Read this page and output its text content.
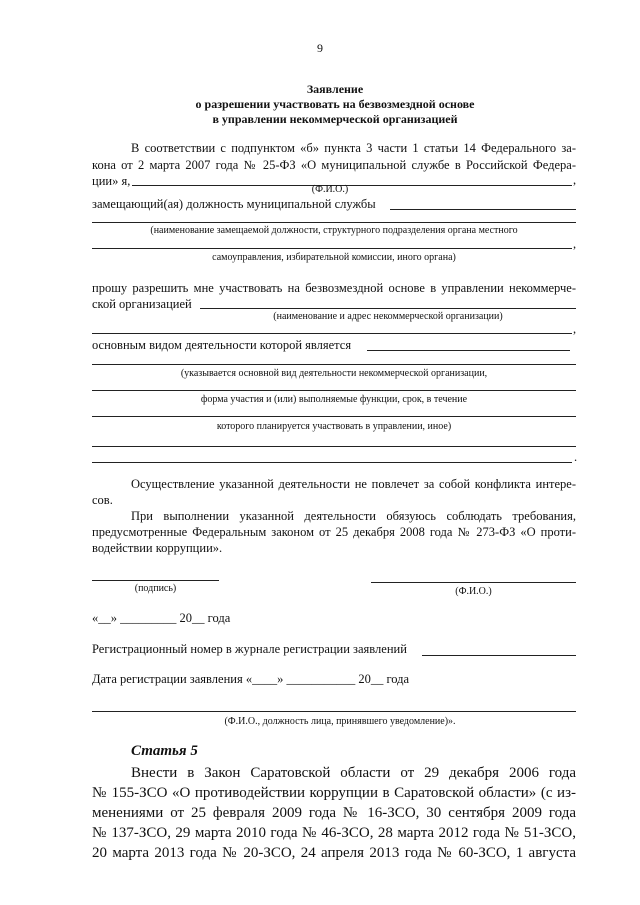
9
Заявление
о разрешении участвовать на безвозмездной основе
в управлении некоммерческой организацией
В соответствии с подпунктом «б» пункта 3 части 1 статьи 14 Федерального за-
кона от 2 марта 2007 года № 25-ФЗ «О муниципальной службе в Российской Федера-
ции» я,	,
(Ф.И.О.)
замещающий(ая) должность муниципальной службы
(наименование замещаемой должности, структурного подразделения органа местного
,
самоуправления, избирательной комиссии, иного органа)
прошу разрешить мне участвовать на безвозмездной основе в управлении некоммерче-
ской организацией
(наименование и адрес некоммерческой организации)
,
основным видом деятельности которой является
(указывается основной вид деятельности некоммерческой организации,
форма участия и (или) выполняемые функции, срок, в течение
которого планируется участвовать в управлении, иное)
.
Осуществление указанной деятельности не повлечет за собой конфликта интере-
сов.
При выполнении указанной деятельности обязуюсь соблюдать требования,
предусмотренные Федеральным законом от 25 декабря 2008 года № 273-ФЗ «О проти-
водействии коррупции».
(подпись)	(Ф.И.О.)
«__» _________ 20__ года
Регистрационный номер в журнале регистрации заявлений
Дата регистрации заявления «____» ___________ 20__ года
(Ф.И.О., должность лица, принявшего уведомление)».
Статья 5
Внести в Закон Саратовской области от 29 декабря 2006 года
№ 155-ЗСО «О противодействии коррупции в Саратовской области» (с из-
менениями от 25 февраля 2009 года № 16-ЗСО, 30 сентября 2009 года
№ 137-ЗСО, 29 марта 2010 года № 46-ЗСО, 28 марта 2012 года № 51-ЗСО,
20 марта 2013 года № 20-ЗСО, 24 апреля 2013 года № 60-ЗСО, 1 августа
